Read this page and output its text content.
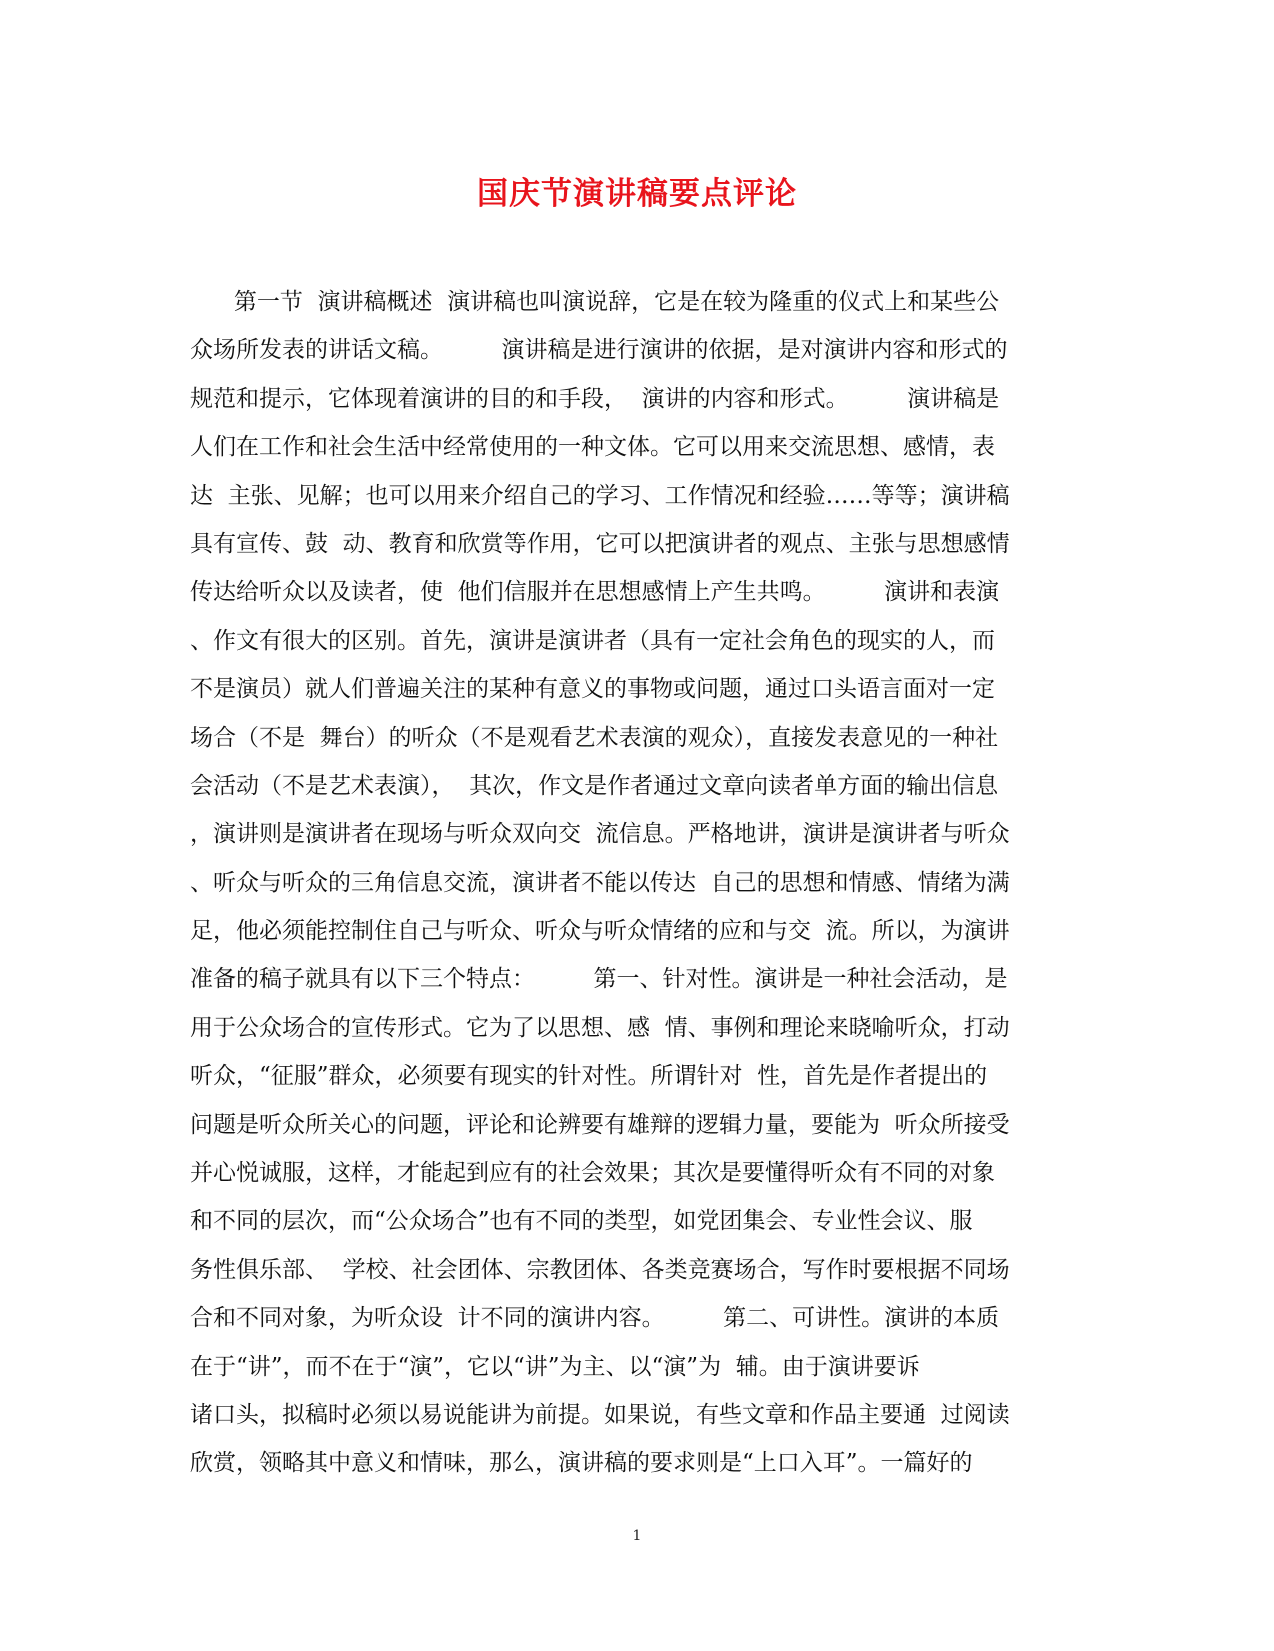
国庆节演讲稿要点评论
第一节  演讲稿概述  演讲稿也叫演说辞，它是在较为隆重的仪式上和某些公
众场所发表的讲话文稿。        演讲稿是进行演讲的依据，是对演讲内容和形式的
规范和提示，它体现着演讲的目的和手段，  演讲的内容和形式。        演讲稿是
人们在工作和社会生活中经常使用的一种文体。它可以用来交流思想、感情，表
达  主张、见解；也可以用来介绍自己的学习、工作情况和经验……等等；演讲稿
具有宣传、鼓  动、教育和欣赏等作用，它可以把演讲者的观点、主张与思想感情
传达给听众以及读者，使  他们信服并在思想感情上产生共鸣。        演讲和表演
、作文有很大的区别。首先，演讲是演讲者（具有一定社会角色的现实的人，而
不是演员）就人们普遍关注的某种有意义的事物或问题，通过口头语言面对一定
场合（不是  舞台）的听众（不是观看艺术表演的观众），直接发表意见的一种社
会活动（不是艺术表演），  其次，作文是作者通过文章向读者单方面的输出信息
，演讲则是演讲者在现场与听众双向交  流信息。严格地讲，演讲是演讲者与听众
、听众与听众的三角信息交流，演讲者不能以传达  自己的思想和情感、情绪为满
足，他必须能控制住自己与听众、听众与听众情绪的应和与交  流。所以，为演讲
准备的稿子就具有以下三个特点：        第一、针对性。演讲是一种社会活动，是
用于公众场合的宣传形式。它为了以思想、感  情、事例和理论来晓喻听众，打动
听众，“征服”群众，必须要有现实的针对性。所谓针对  性，首先是作者提出的
问题是听众所关心的问题，评论和论辨要有雄辩的逻辑力量，要能为  听众所接受
并心悦诚服，这样，才能起到应有的社会效果；其次是要懂得听众有不同的对象
和不同的层次，而“公众场合”也有不同的类型，如党团集会、专业性会议、服
务性俱乐部、  学校、社会团体、宗教团体、各类竞赛场合，写作时要根据不同场
合和不同对象，为听众设  计不同的演讲内容。        第二、可讲性。演讲的本质
在于“讲”，而不在于“演”，它以“讲”为主、以“演”为  辅。由于演讲要诉
诸口头，拟稿时必须以易说能讲为前提。如果说，有些文章和作品主要通  过阅读
欣赏，领略其中意义和情味，那么，演讲稿的要求则是“上口入耳”。一篇好的
1
